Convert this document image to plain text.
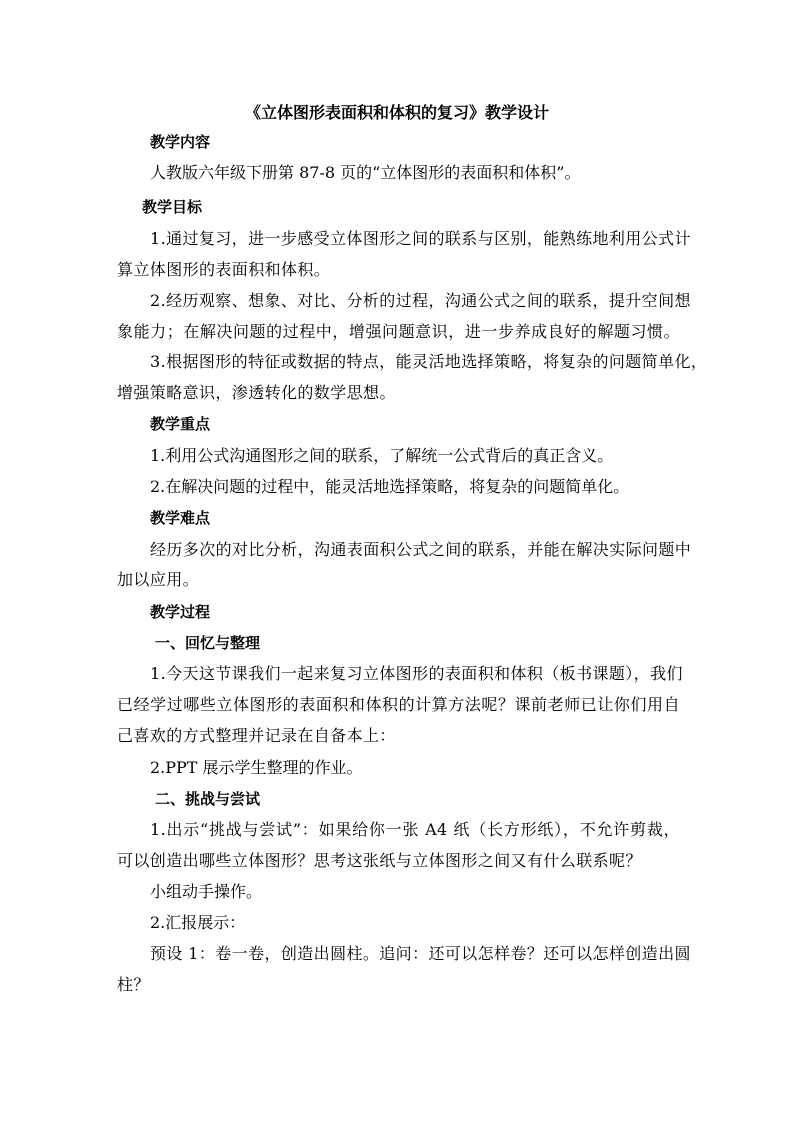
《立体图形表面积和体积的复习》教学设计
教学内容
人教版六年级下册第 87-8 页的“立体图形的表面积和体积”。
教学目标
1.通过复习，进一步感受立体图形之间的联系与区别，能熟练地利用公式计
算立体图形的表面积和体积。
2.经历观察、想象、对比、分析的过程，沟通公式之间的联系，提升空间想
象能力；在解决问题的过程中，增强问题意识，进一步养成良好的解题习惯。
3.根据图形的特征或数据的特点，能灵活地选择策略，将复杂的问题简单化，
增强策略意识，渗透转化的数学思想。
教学重点
1.利用公式沟通图形之间的联系，了解统一公式背后的真正含义。
2.在解决问题的过程中，能灵活地选择策略，将复杂的问题简单化。
教学难点
经历多次的对比分析，沟通表面积公式之间的联系，并能在解决实际问题中
加以应用。
教学过程
一、回忆与整理
1.今天这节课我们一起来复习立体图形的表面积和体积（板书课题），我们
已经学过哪些立体图形的表面积和体积的计算方法呢？课前老师已让你们用自
己喜欢的方式整理并记录在自备本上：
2.PPT 展示学生整理的作业。
二、挑战与尝试
1.出示“挑战与尝试”：如果给你一张 A4 纸（长方形纸），不允许剪裁，
可以创造出哪些立体图形？思考这张纸与立体图形之间又有什么联系呢？
小组动手操作。
2.汇报展示：
预设 1：卷一卷，创造出圆柱。追问：还可以怎样卷？还可以怎样创造出圆
柱？
